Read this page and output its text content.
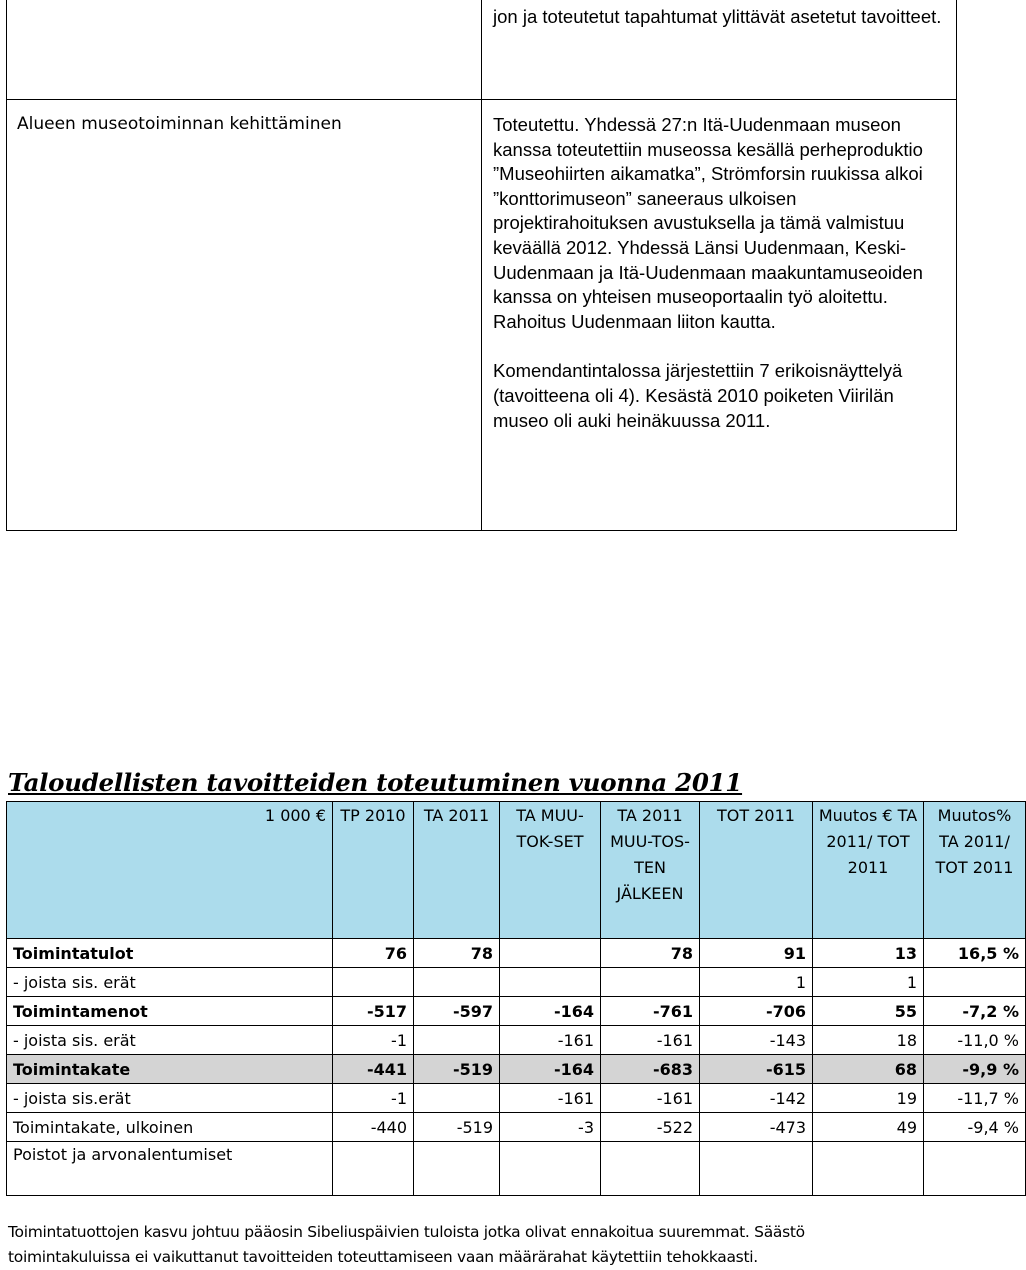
	jon ja toteutetut tapahtumat ylittävät asetetut tavoitteet.

Alueen museotoiminnan kehittäminen	Toteutettu. Yhdessä 27:n Itä-Uudenmaan museon kanssa toteutettiin museossa kesällä perheproduktio ”Museohiirten aikamatka”, Strömforsin ruukissa alkoi ”konttorimuseon” saneeraus ulkoisen projektirahoituksen avustuksella ja tämä valmistuu keväällä 2012. Yhdessä Länsi Uudenmaan, Keski-Uudenmaan ja Itä-Uudenmaan maakuntamuseoiden kanssa on yhteisen museoportaalin työ aloitettu. Rahoitus Uudenmaan liiton kautta.

Komendantintalossa järjestettiin 7 erikoisnäyttelyä (tavoitteena oli 4). Kesästä 2010 poiketen Viirilän museo oli auki heinäkuussa 2011.

Taloudellisten tavoitteiden toteutuminen vuonna 2011
1 000 €	TP 2010	TA 2011	TA MUU-TOK-SET	TA 2011 MUU-TOS-TEN JÄLKEEN	TOT 2011	Muutos € TA 2011/ TOT 2011	Muutos% TA 2011/ TOT 2011
Toimintatulot	76	78		78	91	13	16,5 %
- joista sis. erät					1	1	
Toimintamenot	-517	-597	-164	-761	-706	55	-7,2 %
- joista sis. erät	-1		-161	-161	-143	18	-11,0 %
Toimintakate	-441	-519	-164	-683	-615	68	-9,9 %
- joista sis.erät	-1		-161	-161	-142	19	-11,7 %
Toimintakate, ulkoinen	-440	-519	-3	-522	-473	49	-9,4 %
Poistot ja arvonalentumiset							

Toimintatuottojen kasvu johtuu pääosin Sibeliuspäivien tuloista jotka olivat ennakoitua suuremmat. Säästö toimintakuluissa ei vaikuttanut tavoitteiden toteuttamiseen vaan määrärahat käytettiin tehokkaasti.
